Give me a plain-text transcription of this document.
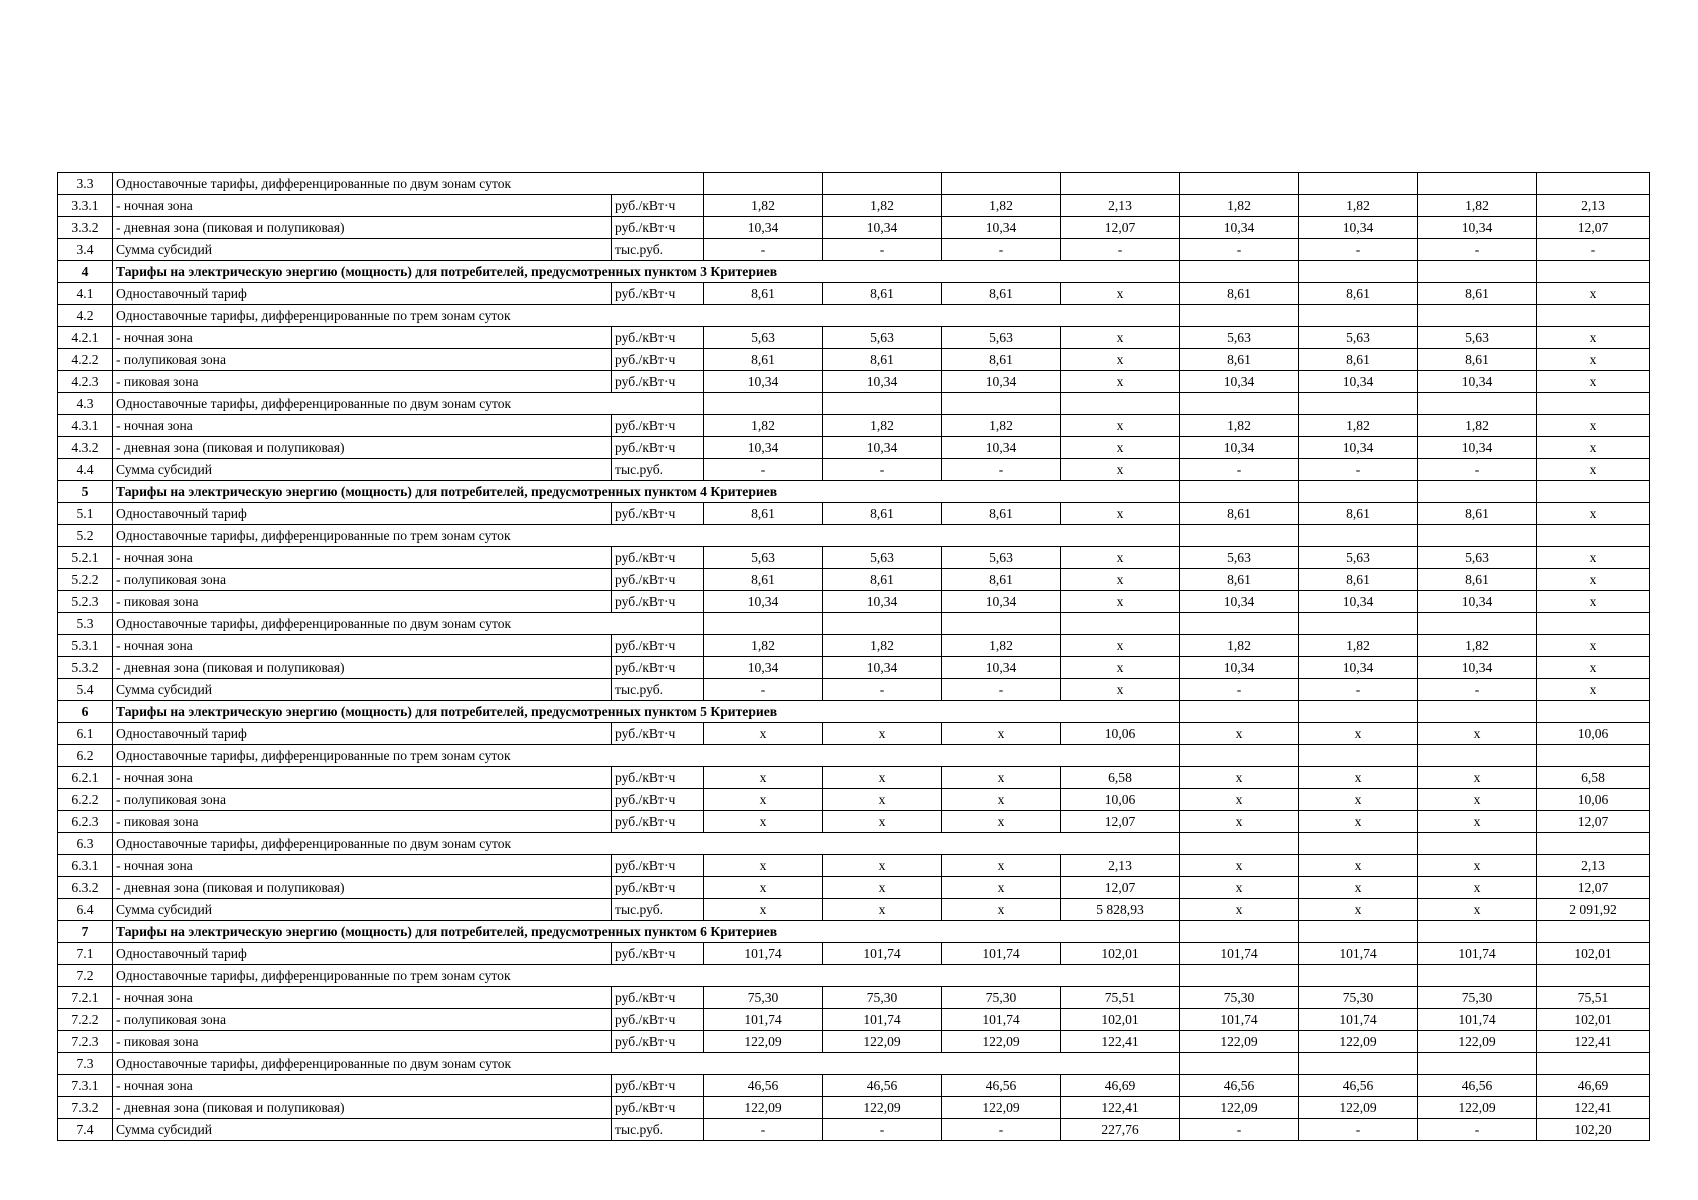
3.3	Одноставочные тарифы, дифференцированные по двум зонам суток									
3.3.1	- ночная зона	руб./кВт·ч	1,82	1,82	1,82	2,13	1,82	1,82	1,82	2,13
3.3.2	- дневная зона (пиковая и полупиковая)	руб./кВт·ч	10,34	10,34	10,34	12,07	10,34	10,34	10,34	12,07
3.4	Сумма субсидий	тыс.руб.	-	-	-	-	-	-	-	-
4	Тарифы на электрическую энергию (мощность) для потребителей, предусмотренных пунктом 3 Критериев									
4.1	Одноставочный тариф	руб./кВт·ч	8,61	8,61	8,61	x	8,61	8,61	8,61	x
4.2	Одноставочные тарифы, дифференцированные по трем зонам суток									
4.2.1	- ночная зона	руб./кВт·ч	5,63	5,63	5,63	x	5,63	5,63	5,63	x
4.2.2	- полупиковая зона	руб./кВт·ч	8,61	8,61	8,61	x	8,61	8,61	8,61	x
4.2.3	- пиковая зона	руб./кВт·ч	10,34	10,34	10,34	x	10,34	10,34	10,34	x
4.3	Одноставочные тарифы, дифференцированные по двум зонам суток									
4.3.1	- ночная зона	руб./кВт·ч	1,82	1,82	1,82	x	1,82	1,82	1,82	x
4.3.2	- дневная зона (пиковая и полупиковая)	руб./кВт·ч	10,34	10,34	10,34	x	10,34	10,34	10,34	x
4.4	Сумма субсидий	тыс.руб.	-	-	-	x	-	-	-	x
5	Тарифы на электрическую энергию (мощность) для потребителей, предусмотренных пунктом 4 Критериев									
5.1	Одноставочный тариф	руб./кВт·ч	8,61	8,61	8,61	x	8,61	8,61	8,61	x
5.2	Одноставочные тарифы, дифференцированные по трем зонам суток									
5.2.1	- ночная зона	руб./кВт·ч	5,63	5,63	5,63	x	5,63	5,63	5,63	x
5.2.2	- полупиковая зона	руб./кВт·ч	8,61	8,61	8,61	x	8,61	8,61	8,61	x
5.2.3	- пиковая зона	руб./кВт·ч	10,34	10,34	10,34	x	10,34	10,34	10,34	x
5.3	Одноставочные тарифы, дифференцированные по двум зонам суток									
5.3.1	- ночная зона	руб./кВт·ч	1,82	1,82	1,82	x	1,82	1,82	1,82	x
5.3.2	- дневная зона (пиковая и полупиковая)	руб./кВт·ч	10,34	10,34	10,34	x	10,34	10,34	10,34	x
5.4	Сумма субсидий	тыс.руб.	-	-	-	x	-	-	-	x
6	Тарифы на электрическую энергию (мощность) для потребителей, предусмотренных пунктом 5 Критериев									
6.1	Одноставочный тариф	руб./кВт·ч	x	x	x	10,06	x	x	x	10,06
6.2	Одноставочные тарифы, дифференцированные по трем зонам суток									
6.2.1	- ночная зона	руб./кВт·ч	x	x	x	6,58	x	x	x	6,58
6.2.2	- полупиковая зона	руб./кВт·ч	x	x	x	10,06	x	x	x	10,06
6.2.3	- пиковая зона	руб./кВт·ч	x	x	x	12,07	x	x	x	12,07
6.3	Одноставочные тарифы, дифференцированные по двум зонам суток									
6.3.1	- ночная зона	руб./кВт·ч	x	x	x	2,13	x	x	x	2,13
6.3.2	- дневная зона (пиковая и полупиковая)	руб./кВт·ч	x	x	x	12,07	x	x	x	12,07
6.4	Сумма субсидий	тыс.руб.	x	x	x	5 828,93	x	x	x	2 091,92
7	Тарифы на электрическую энергию (мощность) для потребителей, предусмотренных пунктом 6 Критериев									
7.1	Одноставочный тариф	руб./кВт·ч	101,74	101,74	101,74	102,01	101,74	101,74	101,74	102,01
7.2	Одноставочные тарифы, дифференцированные по трем зонам суток									
7.2.1	- ночная зона	руб./кВт·ч	75,30	75,30	75,30	75,51	75,30	75,30	75,30	75,51
7.2.2	- полупиковая зона	руб./кВт·ч	101,74	101,74	101,74	102,01	101,74	101,74	101,74	102,01
7.2.3	- пиковая зона	руб./кВт·ч	122,09	122,09	122,09	122,41	122,09	122,09	122,09	122,41
7.3	Одноставочные тарифы, дифференцированные по двум зонам суток									
7.3.1	- ночная зона	руб./кВт·ч	46,56	46,56	46,56	46,69	46,56	46,56	46,56	46,69
7.3.2	- дневная зона (пиковая и полупиковая)	руб./кВт·ч	122,09	122,09	122,09	122,41	122,09	122,09	122,09	122,41
7.4	Сумма субсидий	тыс.руб.	-	-	-	227,76	-	-	-	102,20
